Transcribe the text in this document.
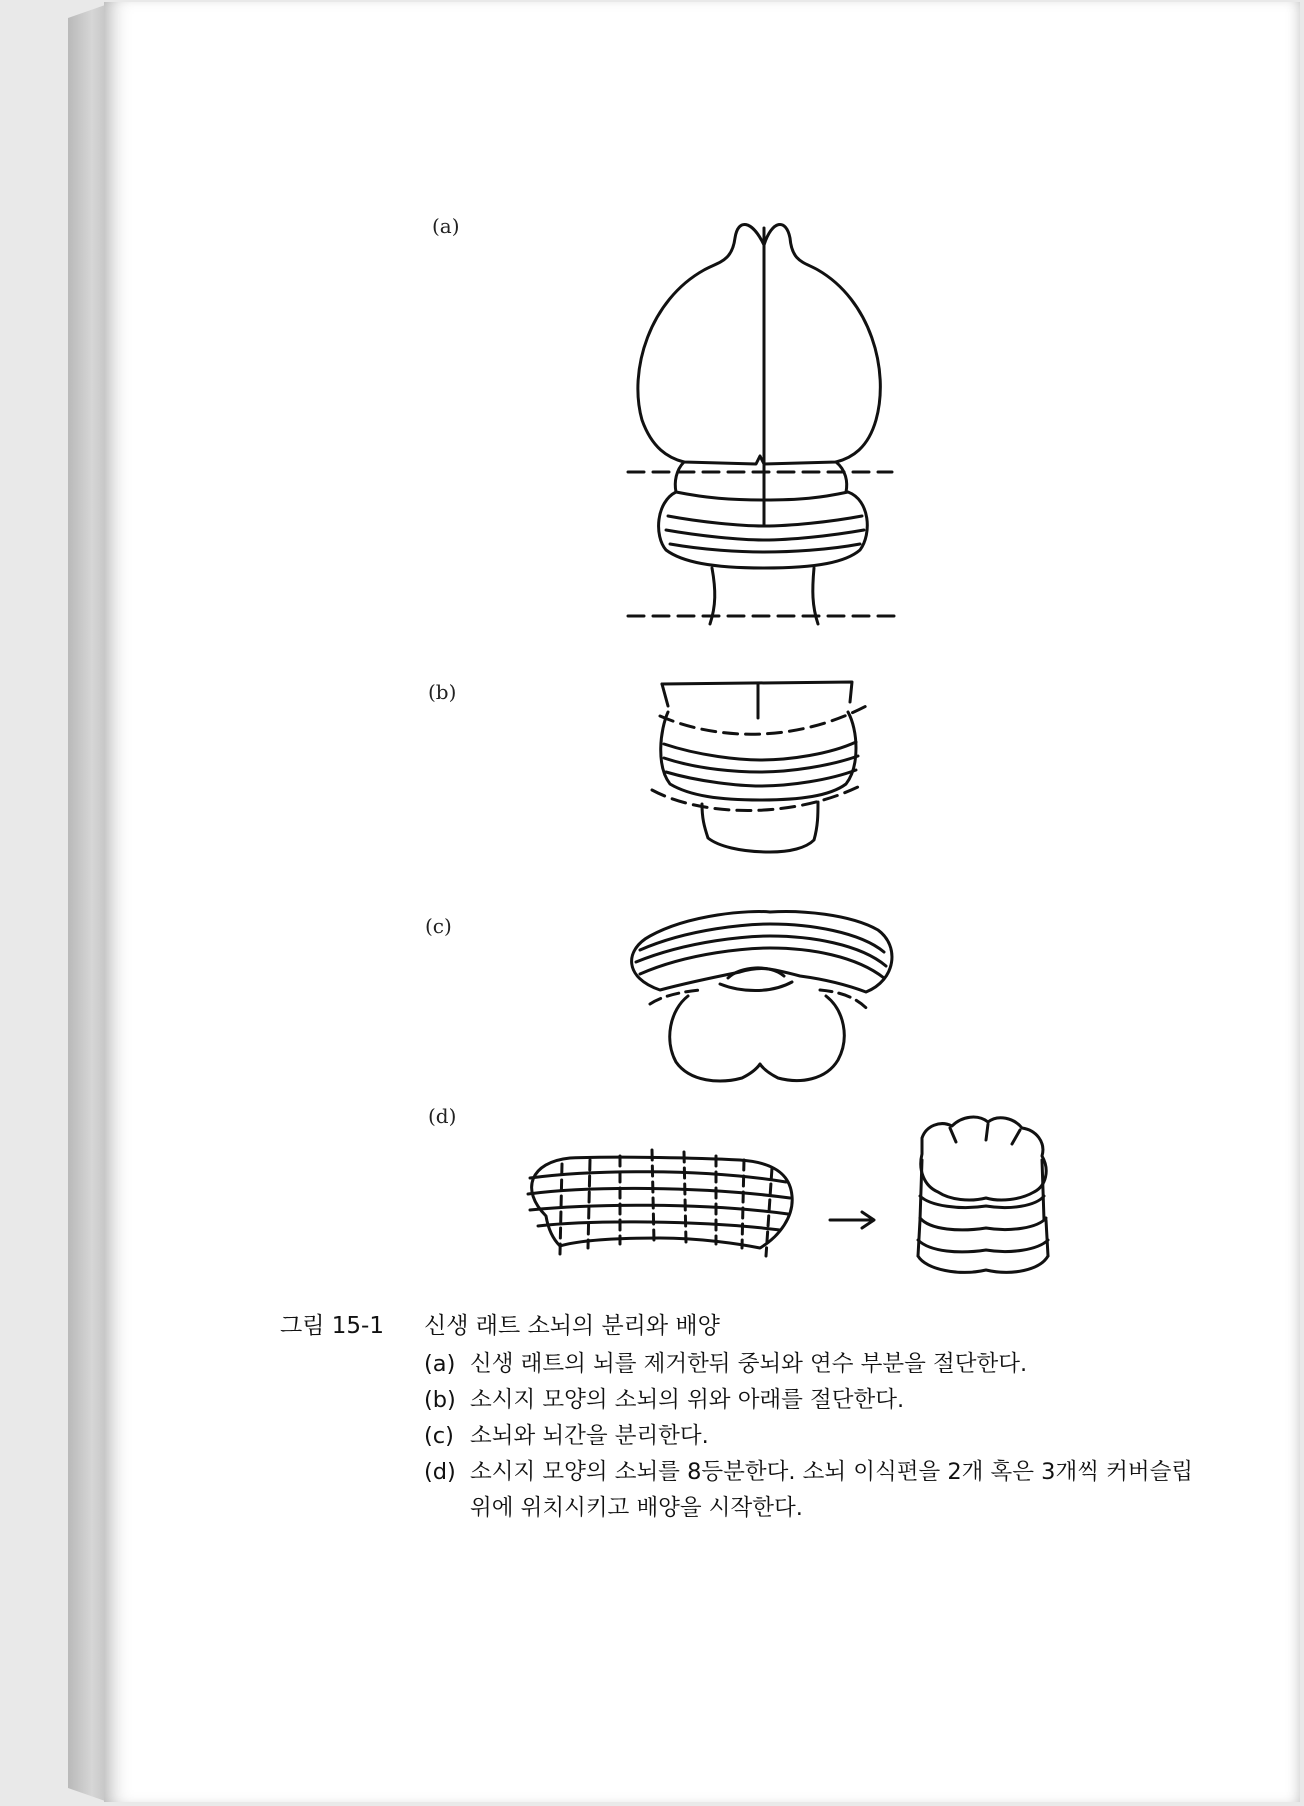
(a)
(b)
(c)
(d)
그림 15-1	신생 래트 소뇌의 분리와 배양
(a) 신생 래트의 뇌를 제거한뒤 중뇌와 연수 부분을 절단한다.
(b) 소시지 모양의 소뇌의 위와 아래를 절단한다.
(c) 소뇌와 뇌간을 분리한다.
(d) 소시지 모양의 소뇌를 8등분한다. 소뇌 이식편을 2개 혹은 3개씩 커버슬립 위에 위치시키고 배양을 시작한다.
